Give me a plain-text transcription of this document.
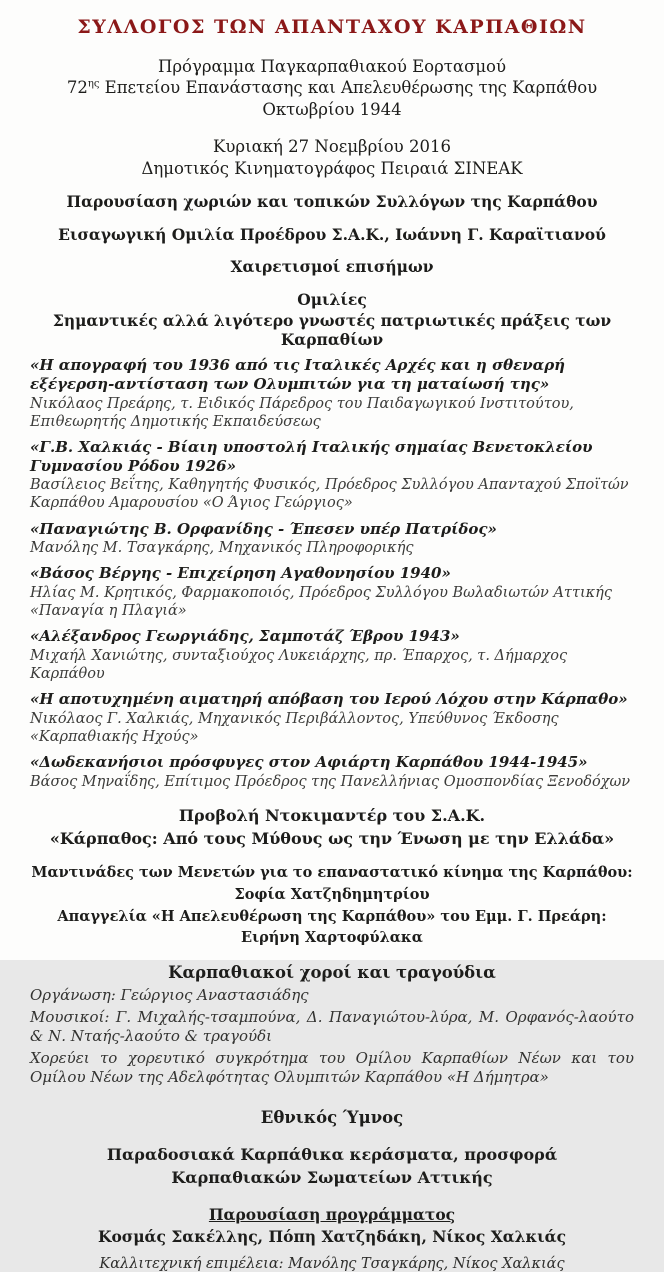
ΣΥΛΛΟΓΟΣ ΤΩΝ ΑΠΑΝΤΑΧΟΥ ΚΑΡΠΑΘΙΩΝ

Πρόγραμμα Παγκαρπαθιακού Εορτασμού

$72^{\eta\varsigma}$ Επετείου Επανάστασης και Απελευθέρωσης της Καρπάθου Οκτωβρίου 1944

Κυριακή 27 Νοεμβρίου 2016

Δημοτικός Κινηματογράφος Πειραιά ΣΙΝΕΑΚ

Παρουσίαση χωριών και τοπικών Συλλόγων της Καρπάθου

Εισαγωγική Ομιλία Προέδρου Σ.Α.Κ., Ιωάννη Γ. Καραϊτιανού

Χαιρετισμοί επισήμων

Ομιλίες

Σημαντικές αλλά λιγότερο γνωστές πατριωτικές πράξεις των Καρπαθίων

«Η απογραφή του 1936 από τις Ιταλικές Αρχές και η σθεναρή εξέγερση-αντίσταση των Ολυμπιτών για τη ματαίωσή της»

Νικόλαος Πρεάρης, τ. Ειδικός Πάρεδρος του Παιδαγωγικού Ινστιτούτου, Επιθεωρητής Δημοτικής Εκπαιδεύσεως

«Γ.Β. Χαλκιάς - Βίαιη υποστολή Ιταλικής σημαίας Βενετοκλείου Γυμνασίου Ρόδου 1926»

Βασίλειος Βεΐτης, Καθηγητής Φυσικός, Πρόεδρος Συλλόγου Απανταχού Σποϊτών Καρπάθου Αμαρουσίου «Ο Άγιος Γεώργιος»

«Παναγιώτης Β. Ορφανίδης - Έπεσεν υπέρ Πατρίδος»

Μανόλης Μ. Τσαγκάρης, Μηχανικός Πληροφορικής

«Βάσος Βέργης - Επιχείρηση Αγαθονησίου 1940»

Ηλίας Μ. Κρητικός, Φαρμακοποιός, Πρόεδρος Συλλόγου Βωλαδιωτών Αττικής «Παναγία η Πλαγιά»

«Αλέξανδρος Γεωργιάδης, Σαμποτάζ Έβρου 1943»

Μιχαήλ Χανιώτης, συνταξιούχος Λυκειάρχης, πρ. Έπαρχος, τ. Δήμαρχος Καρπάθου

«Η αποτυχημένη αιματηρή απόβαση του Ιερού Λόχου στην Κάρπαθο»

Νικόλαος Γ. Χαλκιάς, Μηχανικός Περιβάλλοντος, Υπεύθυνος Έκδοσης «Καρπαθιακής Ηχούς»

«Δωδεκανήσιοι πρόσφυγες στον Αφιάρτη Καρπάθου 1944-1945»

Βάσος Μηναΐδης, Επίτιμος Πρόεδρος της Πανελλήνιας Ομοσπονδίας Ξενοδόχων

Προβολή Ντοκιμαντέρ του Σ.Α.Κ.
«Κάρπαθος: Από τους Μύθους ως την Ένωση με την Ελλάδα»
Μαντινάδες των Μενετών για το επαναστατικό κίνημα της Καρπάθου: Σοφία Χατζηδημητρίου
Απαγγελία «Η Απελευθέρωση της Καρπάθου» του Εμμ. Γ. Πρεάρη: Ειρήνη Χαρτοφύλακα

Καρπαθιακοί χοροί και τραγούδια

Οργάνωση: Γεώργιος Αναστασιάδης

Μουσικοί: Γ. Μιχαλής-τσαμπούνα, Δ. Παναγιώτου-λύρα, Μ. Ορφανός-λαούτο & Ν. Νταής-λαούτο & τραγούδι

Χορεύει το χορευτικό συγκρότημα του Ομίλου Καρπαθίων Νέων και του Ομίλου Νέων της Αδελφότητας Ολυμπιτών Καρπάθου «Η Δήμητρα»

Εθνικός Ύμνος

Παραδοσιακά Καρπάθικα κεράσματα, προσφορά Καρπαθιακών Σωματείων Αττικής

Παρουσίαση προγράμματος

Κοσμάς Σακέλλης, Πόπη Χατζηδάκη, Νίκος Χαλκιάς

Καλλιτεχνική επιμέλεια: Μανόλης Τσαγκάρης, Νίκος Χαλκιάς
